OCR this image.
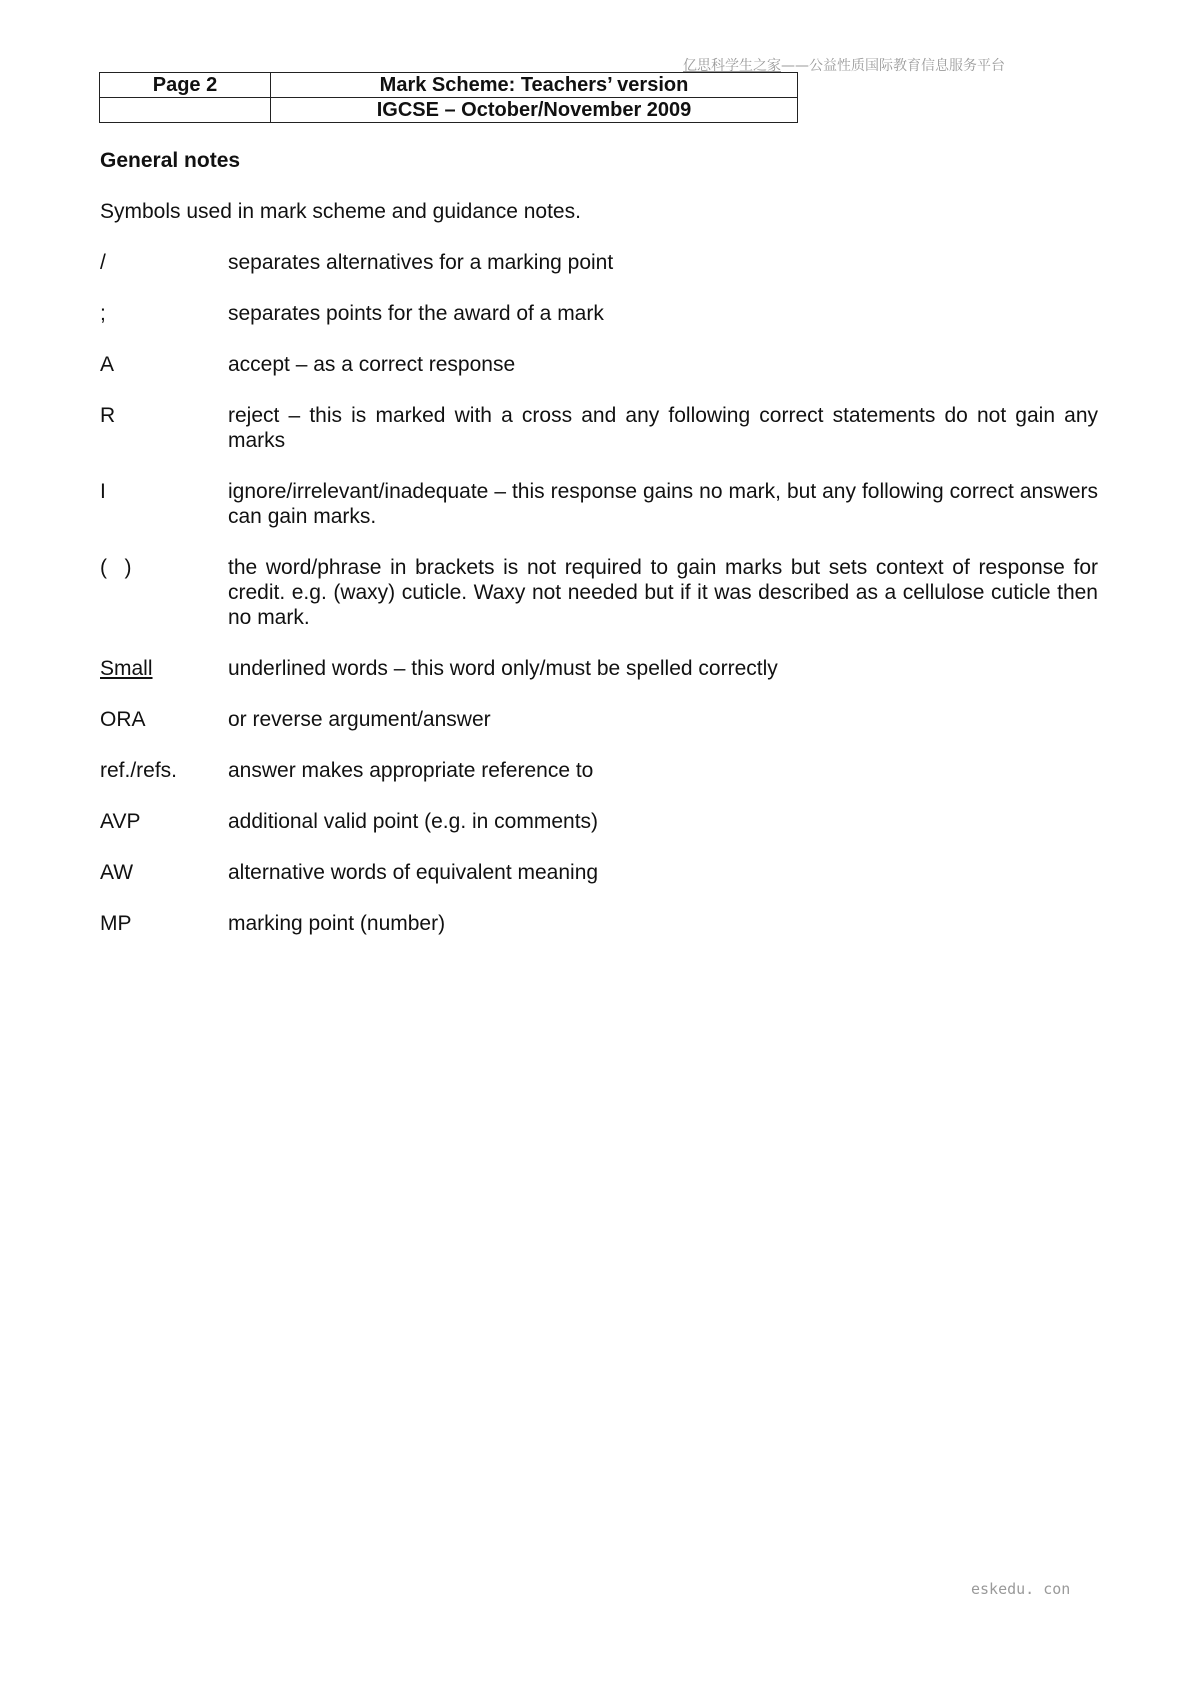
亿思科学生之家——公益性质国际教育信息服务平台
Page 2	Mark Scheme: Teachers’ version
	IGCSE – October/November 2009
General notes

Symbols used in mark scheme and guidance notes.

/	separates alternatives for a marking point
;	separates points for the award of a mark
A	accept – as a correct response
R	reject – this is marked with a cross and any following correct statements do not gain any marks
I	ignore/irrelevant/inadequate – this response gains no mark, but any following correct answers can gain marks.
(   )	the word/phrase in brackets is not required to gain marks but sets context of response for credit. e.g. (waxy) cuticle. Waxy not needed but if it was described as a cellulose cuticle then no mark.
Small	underlined words – this word only/must be spelled correctly
ORA	or reverse argument/answer
ref./refs.	answer makes appropriate reference to
AVP	additional valid point (e.g. in comments)
AW	alternative words of equivalent meaning
MP	marking point (number)
eskedu. con
